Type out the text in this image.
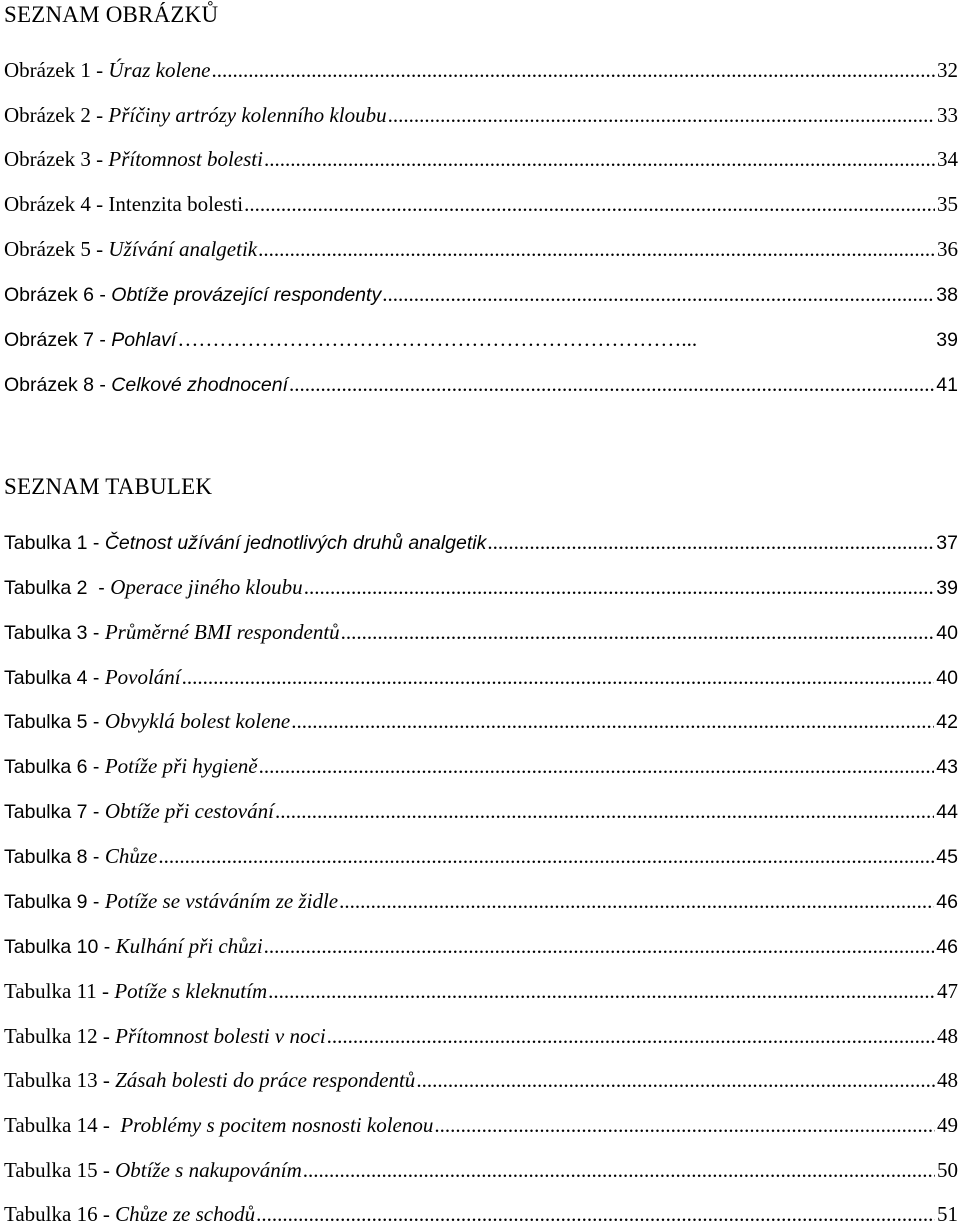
SEZNAM OBRÁZKŮ
Obrázek 1 - Úraz kolene .....	32
Obrázek 2 - Příčiny artrózy kolenního kloubu .....	33
Obrázek 3 - Přítomnost bolesti .....	34
Obrázek 4 - Intenzita bolesti .....	35
Obrázek 5 - Užívání analgetik .....	36
Obrázek 6 - Obtíže provázející respondenty .....	38
Obrázek 7 - Pohlaví ………………………………………………………………...	39
Obrázek 8 - Celkové zhodnocení .....	41
SEZNAM TABULEK
Tabulka 1 - Četnost užívání jednotlivých druhů analgetik .....	37
Tabulka 2  - Operace jiného kloubu .....	39
Tabulka 3 - Průměrné BMI respondentů .....	40
Tabulka 4 - Povolání .....	40
Tabulka 5 - Obvyklá bolest kolene .....	42
Tabulka 6 - Potíže při hygieně .....	43
Tabulka 7 - Obtíže při cestování .....	44
Tabulka 8 - Chůze .....	45
Tabulka 9 - Potíže se vstáváním ze židle .....	46
Tabulka 10 - Kulhání při chůzi .....	46
Tabulka 11 - Potíže s kleknutím .....	47
Tabulka 12 - Přítomnost bolesti v noci .....	48
Tabulka 13 - Zásah bolesti do práce respondentů .....	48
Tabulka 14 - Problémy s pocitem nosnosti kolenou .....	49
Tabulka 15 - Obtíže s nakupováním .....	50
Tabulka 16 - Chůze ze schodů .....	51
